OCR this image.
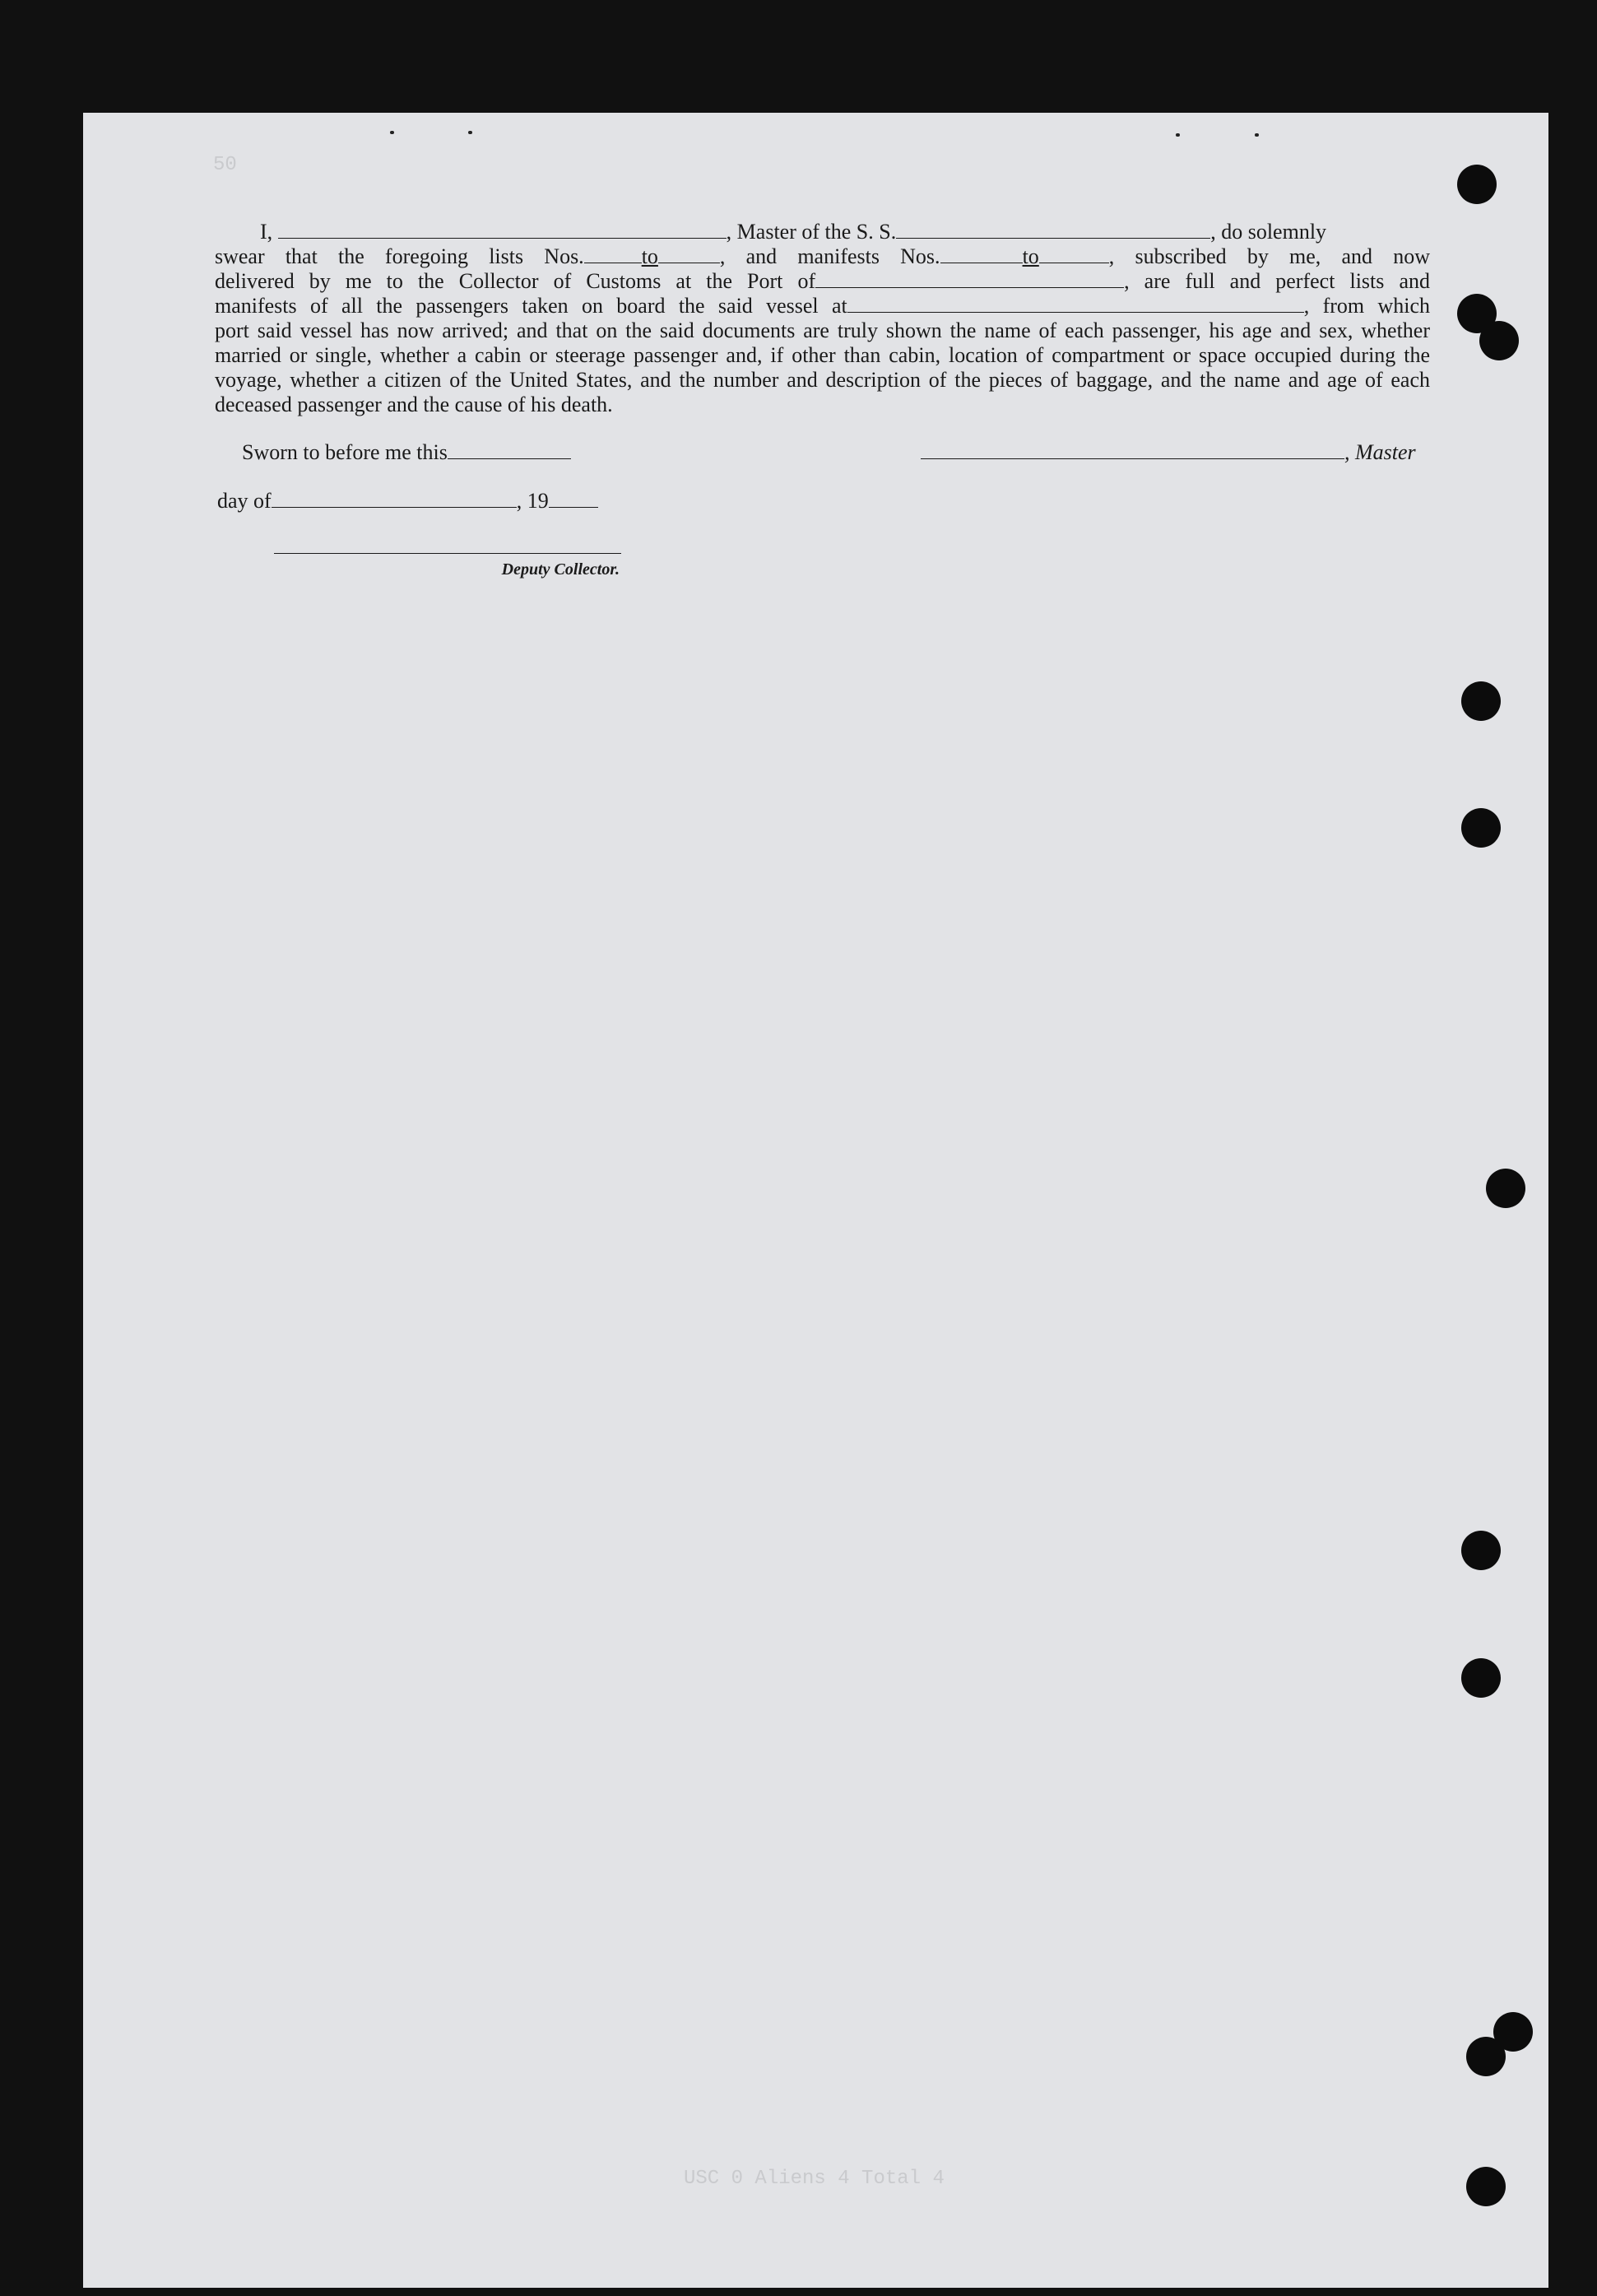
50

I,	, Master of the S. S.	, do solemnly

swear that the foregoing lists Nos.	to	, and manifests Nos.	to	, subscribed by me, and now
delivered by me to the Collector of Customs at the Port of	, are full and perfect lists and
manifests of all the passengers taken on board the said vessel at	, from which
port said vessel has now arrived; and that on the said documents are truly shown the name of each passenger, his age and sex, whether married or single, whether a cabin or steerage passenger and, if other than cabin, location of compartment or space occupied during the voyage, whether a citizen of the United States, and the number and description of the pieces of baggage, and the name and age of each deceased passenger and the cause of his death.
Sworn to before me this	, Master
day of	, 19
Deputy Collector.
USC 0 Aliens 4 Total 4
